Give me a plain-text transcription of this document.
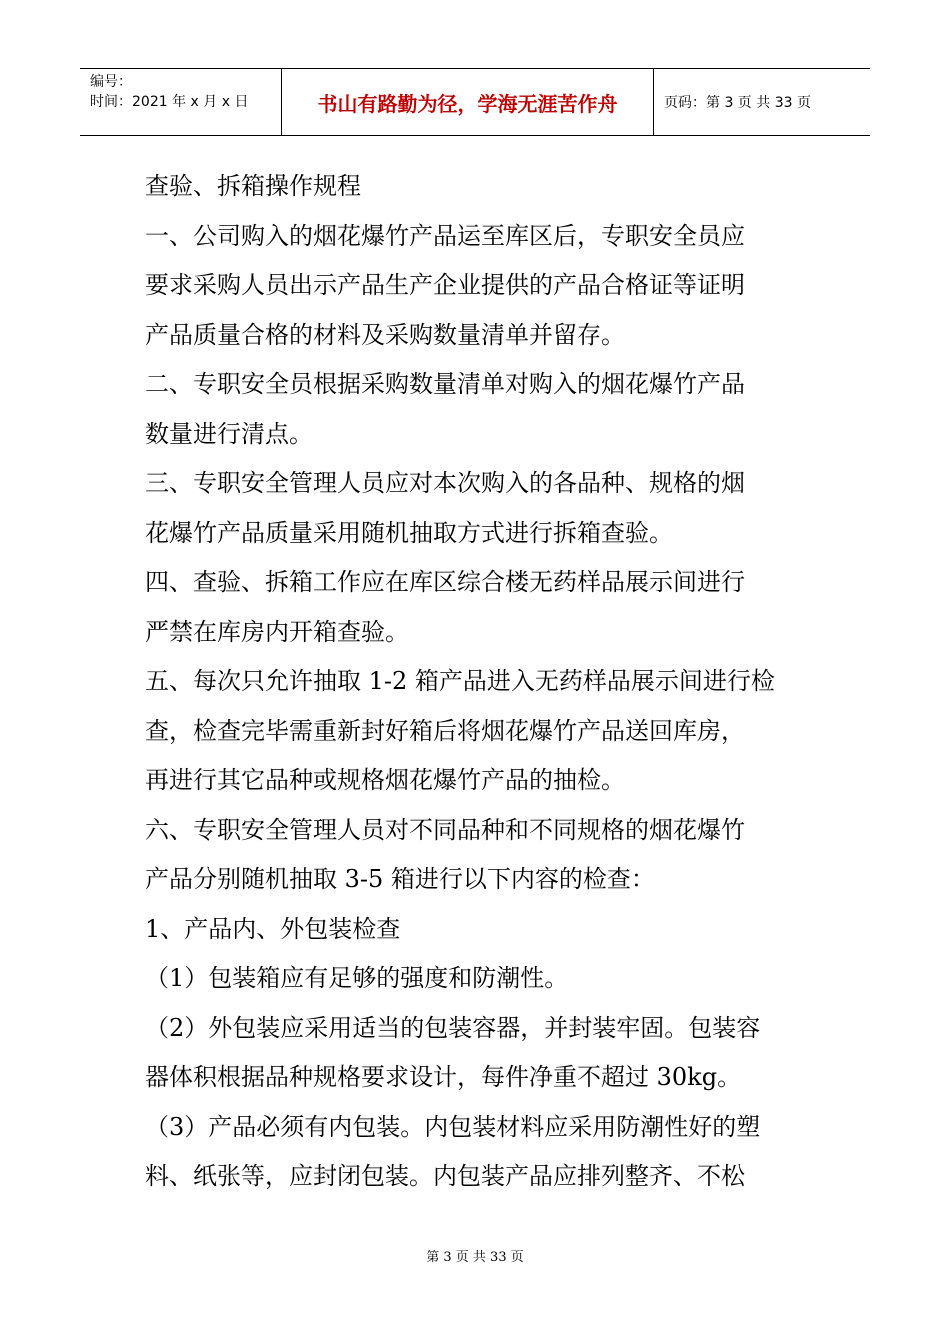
编号：
时间：2021 年 x 月 x 日	书山有路勤为径，学海无涯苦作舟	页码：第 3 页 共 33 页

查验、拆箱操作规程

一、公司购入的烟花爆竹产品运至库区后，专职安全员应

要求采购人员出示产品生产企业提供的产品合格证等证明

产品质量合格的材料及采购数量清单并留存。

二、专职安全员根据采购数量清单对购入的烟花爆竹产品

数量进行清点。

三、专职安全管理人员应对本次购入的各品种、规格的烟

花爆竹产品质量采用随机抽取方式进行拆箱查验。

四、查验、拆箱工作应在库区综合楼无药样品展示间进行

严禁在库房内开箱查验。

五、每次只允许抽取 1-2 箱产品进入无药样品展示间进行检

查，检查完毕需重新封好箱后将烟花爆竹产品送回库房，

再进行其它品种或规格烟花爆竹产品的抽检。

六、专职安全管理人员对不同品种和不同规格的烟花爆竹

产品分别随机抽取 3-5 箱进行以下内容的检查：

1、产品内、外包装检查

（1）包装箱应有足够的强度和防潮性。

（2）外包装应采用适当的包装容器，并封装牢固。包装容

器体积根据品种规格要求设计，每件净重不超过 30kg。

（3）产品必须有内包装。内包装材料应采用防潮性好的塑

料、纸张等，应封闭包装。内包装产品应排列整齐、不松

第 3 页 共 33 页
